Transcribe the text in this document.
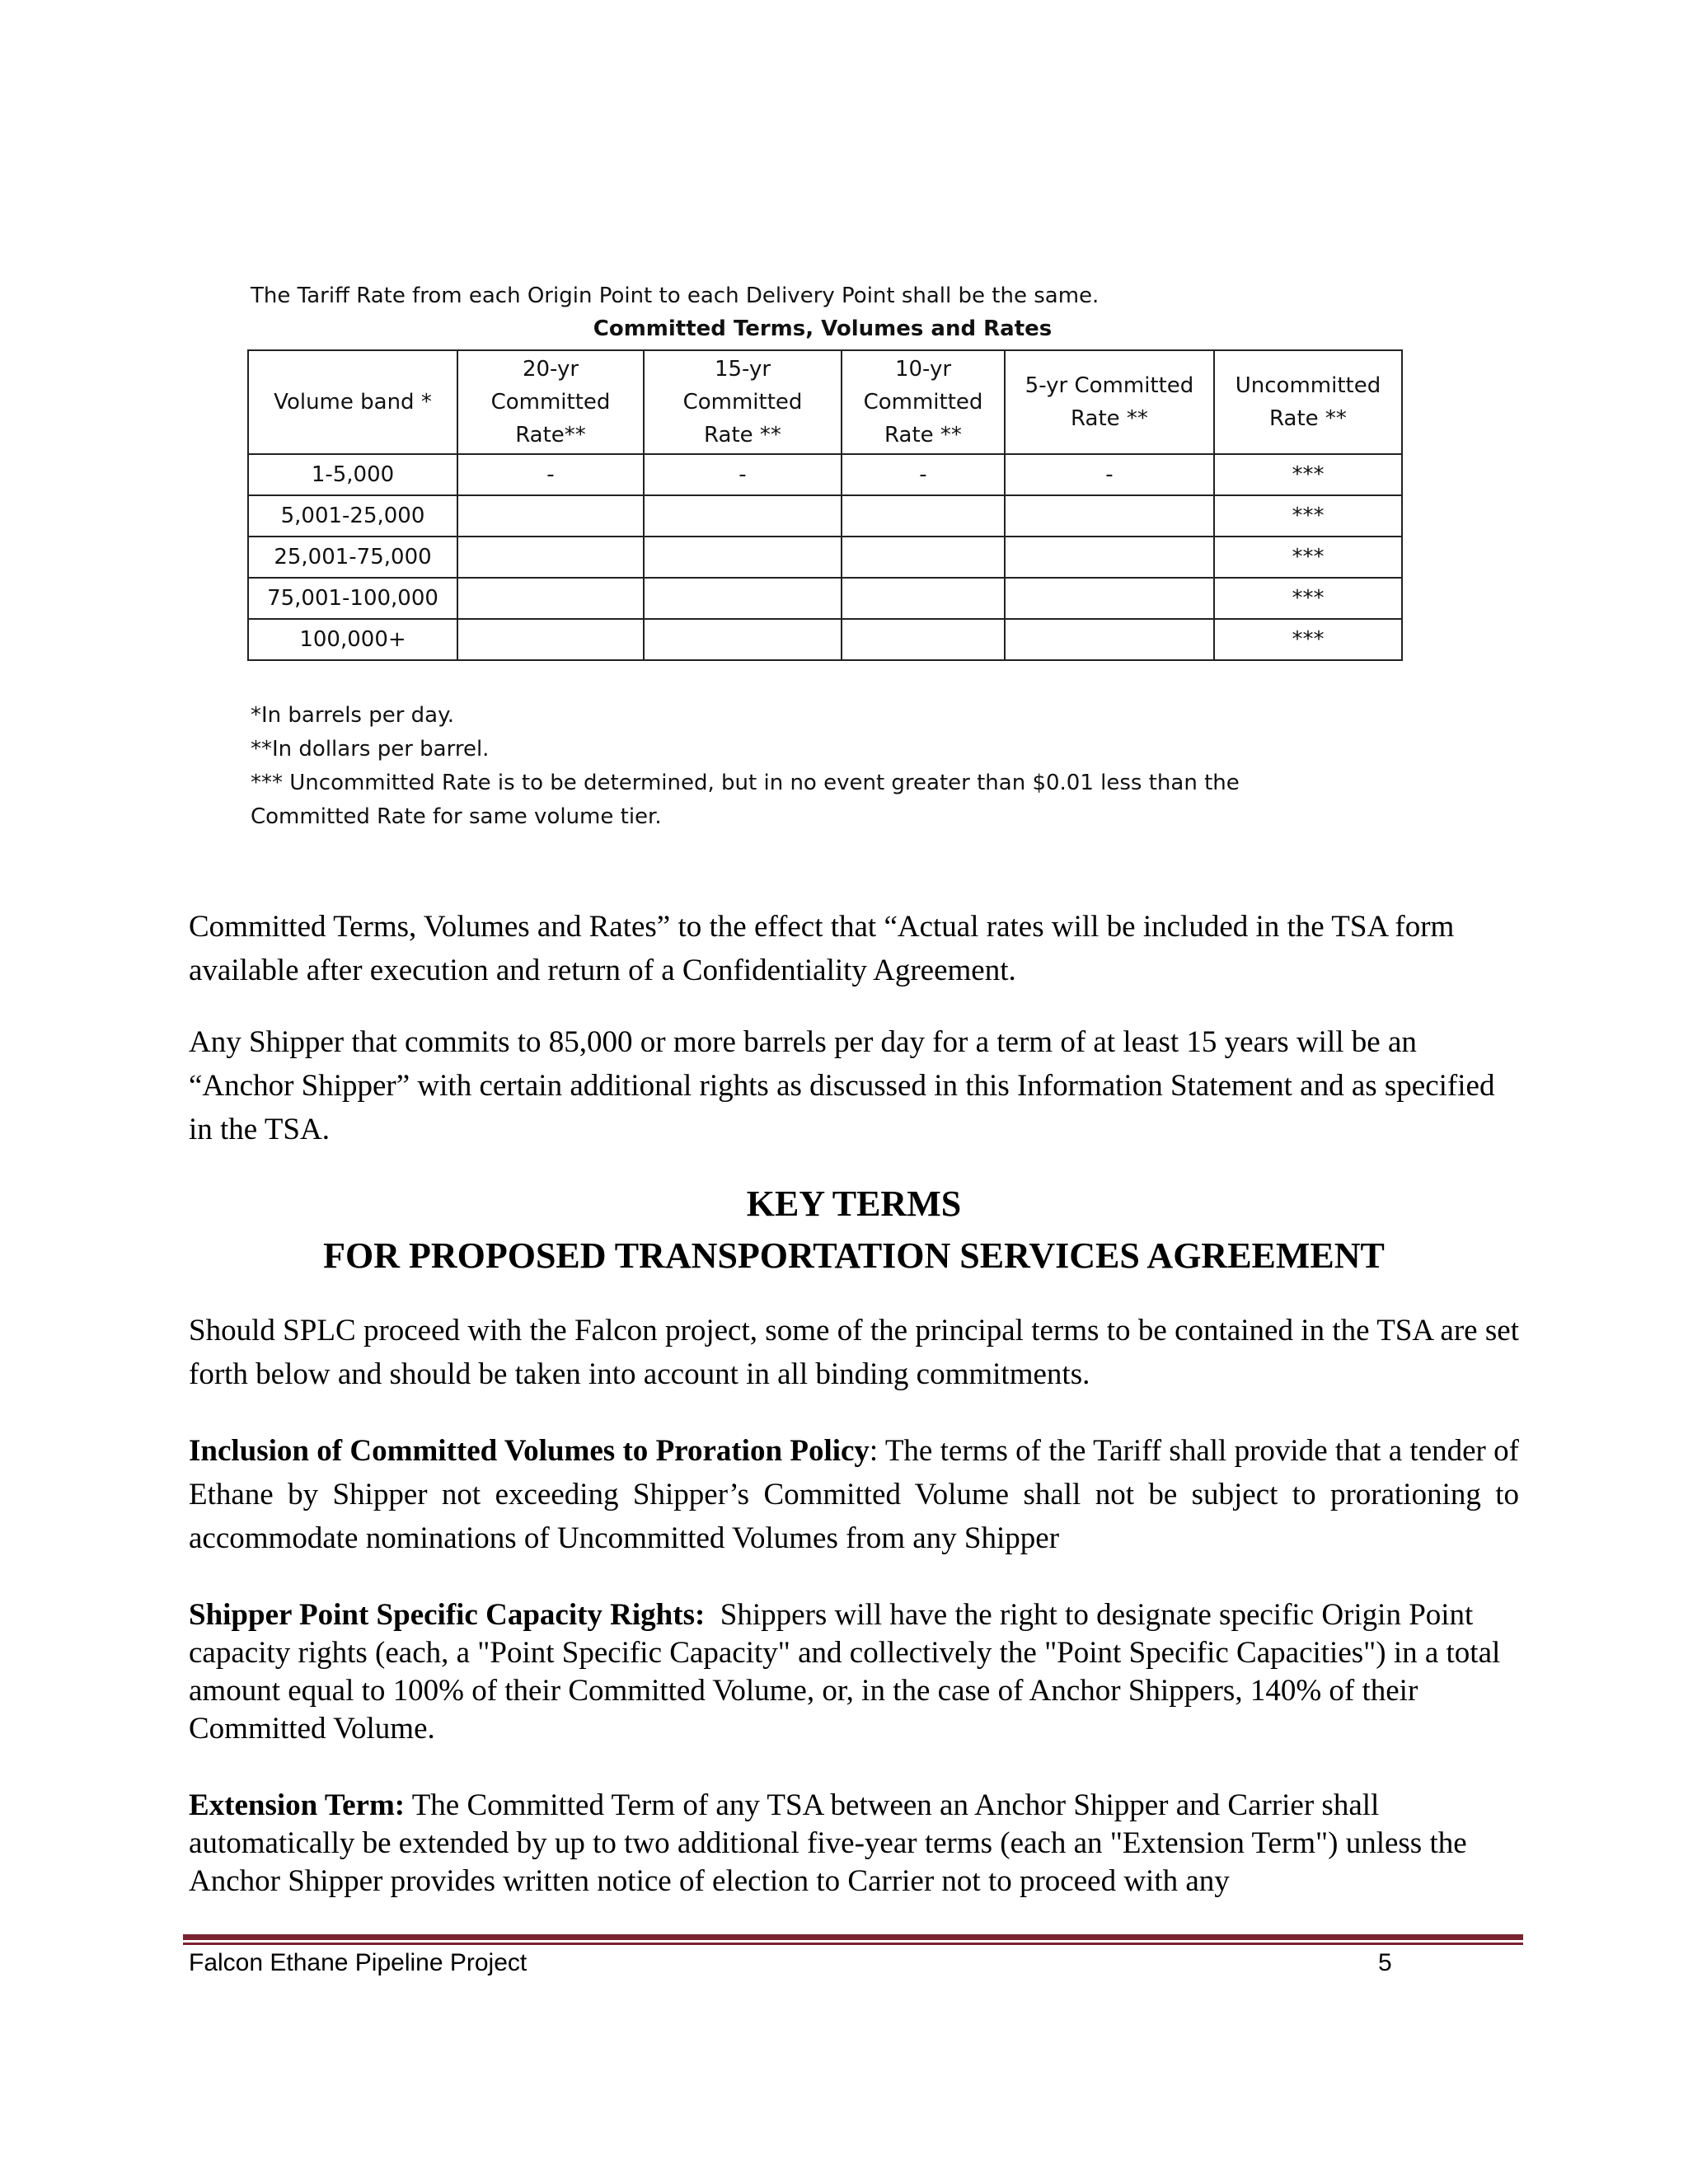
The Tariff Rate from each Origin Point to each Delivery Point shall be the same.
Committed Terms, Volumes and Rates
Volume band *	20-yr Committed Rate**	15-yr Committed Rate **	10-yr Committed Rate **	5-yr Committed Rate **	Uncommitted Rate **

1-5,000	-	-	-	-	***
5,001-25,000					***
25,001-75,000					***
75,001-100,000					***
100,000+					***
*In barrels per day.
**In dollars per barrel.
*** Uncommitted Rate is to be determined, but in no event greater than $0.01 less than the
Committed Rate for same volume tier.
Committed Terms, Volumes and Rates” to the effect that “Actual rates will be included in the TSA form available after execution and return of a Confidentiality Agreement.
Any Shipper that commits to 85,000 or more barrels per day for a term of at least 15 years will be an “Anchor Shipper” with certain additional rights as discussed in this Information Statement and as specified in the TSA.
KEY TERMS
FOR PROPOSED TRANSPORTATION SERVICES AGREEMENT
Should SPLC proceed with the Falcon project, some of the principal terms to be contained in the TSA are set forth below and should be taken into account in all binding commitments.
Inclusion of Committed Volumes to Proration Policy: The terms of the Tariff shall provide that a tender of Ethane by Shipper not exceeding Shipper’s Committed Volume shall not be subject to prorationing to accommodate nominations of Uncommitted Volumes from any Shipper
Shipper Point Specific Capacity Rights:  Shippers will have the right to designate specific Origin Point capacity rights (each, a "Point Specific Capacity" and collectively the "Point Specific Capacities") in a total amount equal to 100% of their Committed Volume, or, in the case of Anchor Shippers, 140% of their Committed Volume.
Extension Term: The Committed Term of any TSA between an Anchor Shipper and Carrier shall automatically be extended by up to two additional five-year terms (each an "Extension Term") unless the Anchor Shipper provides written notice of election to Carrier not to proceed with any
Falcon Ethane Pipeline Project	5
